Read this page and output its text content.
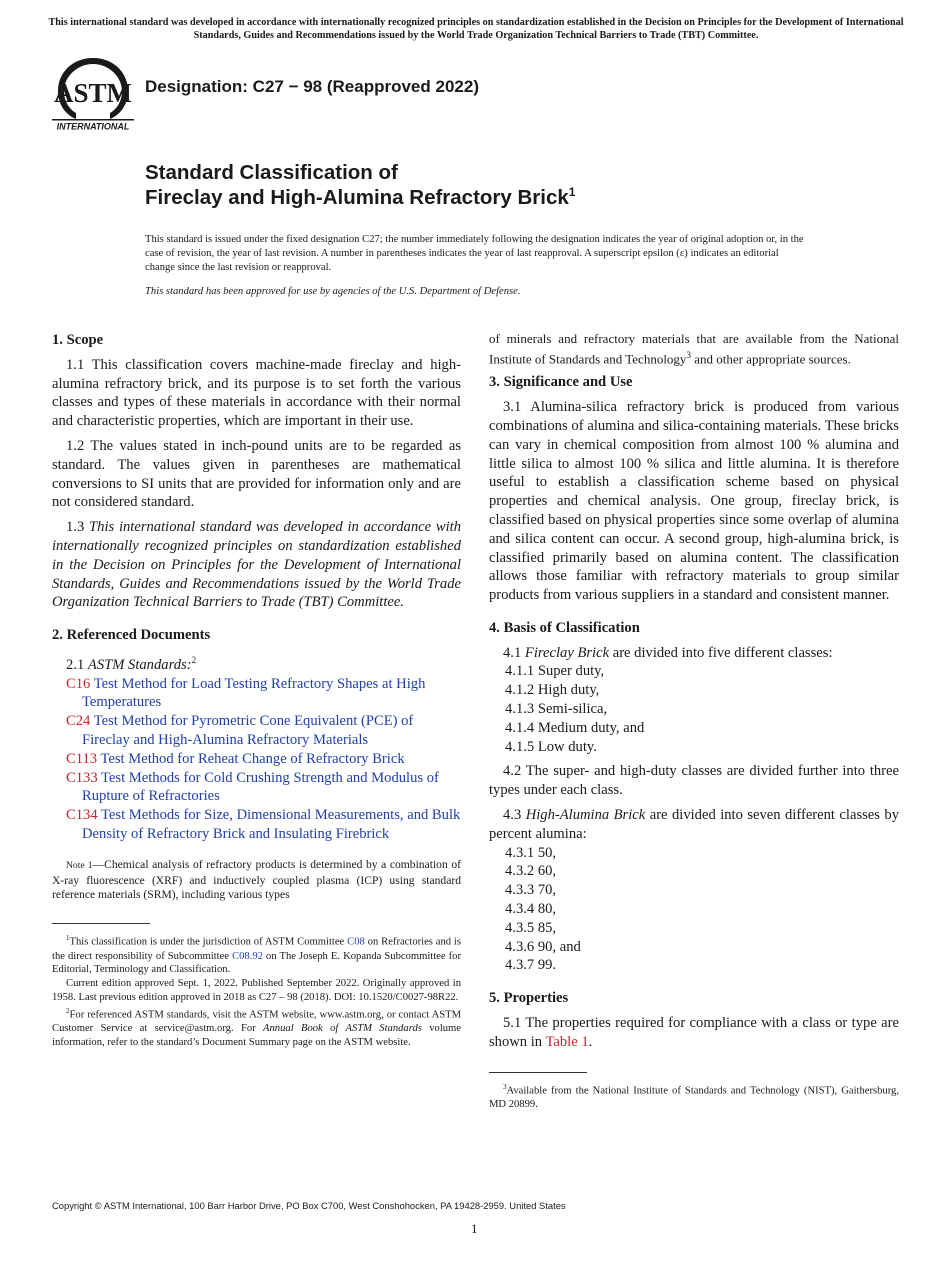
This international standard was developed in accordance with internationally recognized principles on standardization established in the Decision on Principles for the Development of International Standards, Guides and Recommendations issued by the World Trade Organization Technical Barriers to Trade (TBT) Committee.
ASTM
INTERNATIONAL
Designation: C27 − 98 (Reapproved 2022)
Standard Classification of
Fireclay and High-Alumina Refractory Brick$^1$
This standard is issued under the fixed designation C27; the number immediately following the designation indicates the year of original adoption or, in the case of revision, the year of last revision. A number in parentheses indicates the year of last reapproval. A superscript epsilon (ε) indicates an editorial change since the last revision or reapproval.
This standard has been approved for use by agencies of the U.S. Department of Defense.

1. Scope

1.1 This classification covers machine-made fireclay and high-alumina refractory brick, and its purpose is to set forth the various classes and types of these materials in accordance with their normal and characteristic properties, which are important in their use.

1.2 The values stated in inch-pound units are to be regarded as standard. The values given in parentheses are mathematical conversions to SI units that are provided for information only and are not considered standard.

1.3 This international standard was developed in accordance with internationally recognized principles on standardization established in the Decision on Principles for the Development of International Standards, Guides and Recommendations issued by the World Trade Organization Technical Barriers to Trade (TBT) Committee.

2. Referenced Documents

2.1 ASTM Standards:$^2$

C16 Test Method for Load Testing Refractory Shapes at High Temperatures
C24 Test Method for Pyrometric Cone Equivalent (PCE) of Fireclay and High-Alumina Refractory Materials
C113 Test Method for Reheat Change of Refractory Brick
C133 Test Methods for Cold Crushing Strength and Modulus of Rupture of Refractories
C134 Test Methods for Size, Dimensional Measurements, and Bulk Density of Refractory Brick and Insulating Firebrick

Note 1—Chemical analysis of refractory products is determined by a combination of X-ray fluorescence (XRF) and inductively coupled plasma (ICP) using standard reference materials (SRM), including various types

$^1$This classification is under the jurisdiction of ASTM Committee C08 on Refractories and is the direct responsibility of Subcommittee C08.92 on The Joseph E. Kopanda Subcommittee for Editorial, Terminology and Classification.

Current edition approved Sept. 1, 2022. Published September 2022. Originally approved in 1958. Last previous edition approved in 2018 as C27 – 98 (2018). DOI: 10.1520/C0027-98R22.

$^2$For referenced ASTM standards, visit the ASTM website, www.astm.org, or contact ASTM Customer Service at service@astm.org. For Annual Book of ASTM Standards volume information, refer to the standard’s Document Summary page on the ASTM website.

of minerals and refractory materials that are available from the National Institute of Standards and Technology$^3$ and other appropriate sources.

3. Significance and Use

3.1 Alumina-silica refractory brick is produced from various combinations of alumina and silica-containing materials. These bricks can vary in chemical composition from almost 100 % alumina and little silica to almost 100 % silica and little alumina. It is therefore useful to establish a classification scheme based on physical properties and chemical analysis. One group, fireclay brick, is classified based on physical properties since some overlap of alumina and silica content can occur. A second group, high-alumina brick, is classified primarily based on alumina content. The classification allows those familiar with refractory materials to group similar products from various suppliers in a standard and consistent manner.

4. Basis of Classification

4.1 Fireclay Brick are divided into five different classes:

4.1.1 Super duty,
4.1.2 High duty,
4.1.3 Semi-silica,
4.1.4 Medium duty, and
4.1.5 Low duty.

4.2 The super- and high-duty classes are divided further into three types under each class.

4.3 High-Alumina Brick are divided into seven different classes by percent alumina:

4.3.1 50,
4.3.2 60,
4.3.3 70,
4.3.4 80,
4.3.5 85,
4.3.6 90, and
4.3.7 99.

5. Properties

5.1 The properties required for compliance with a class or type are shown in Table 1.

$^3$Available from the National Institute of Standards and Technology (NIST), Gaithersburg, MD 20899.

Copyright © ASTM International, 100 Barr Harbor Drive, PO Box C700, West Conshohocken, PA 19428-2959. United States
1
